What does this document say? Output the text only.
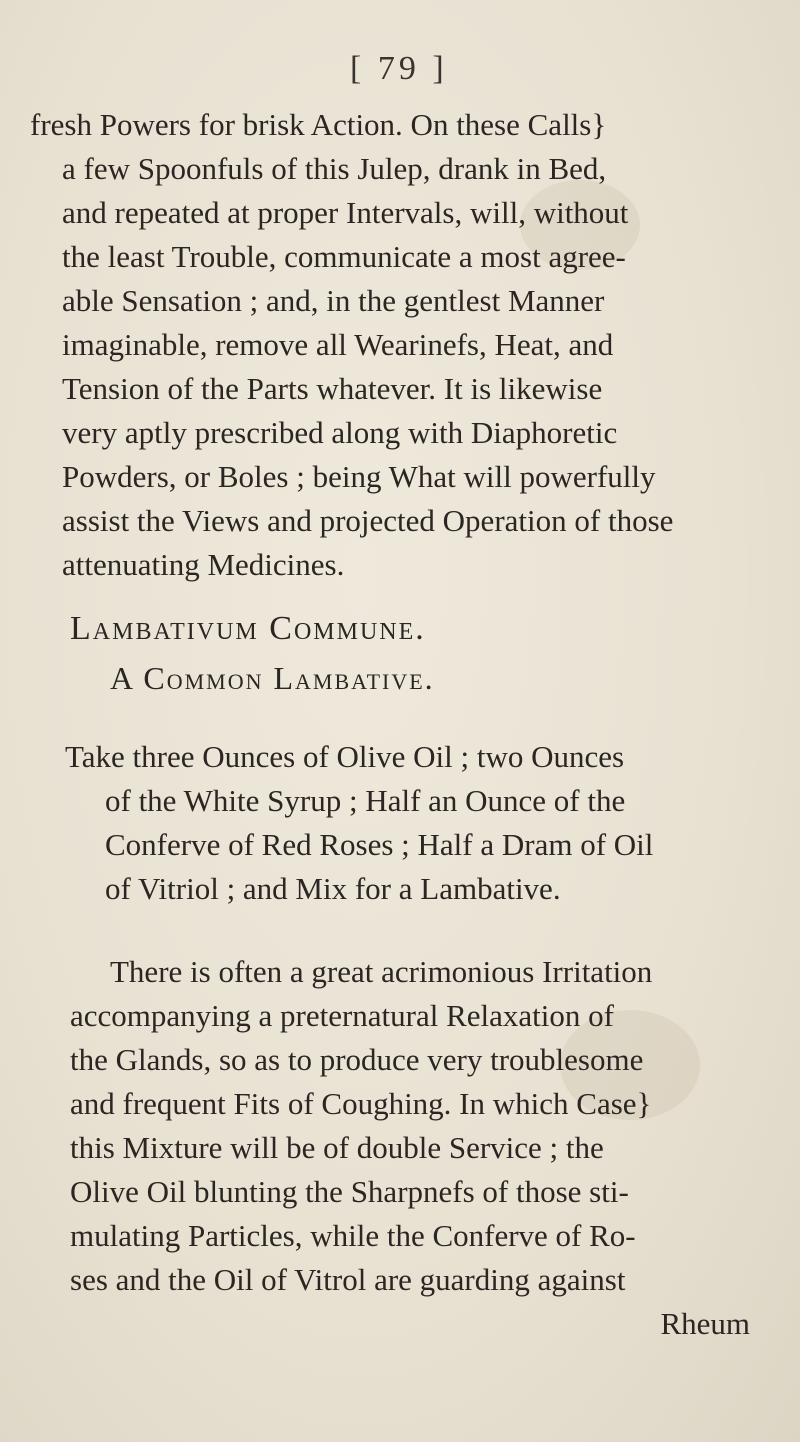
[ 79 ]
fresh Powers for brisk Action. On these Calls}
a few Spoonfuls of this Julep, drank in Bed,
and repeated at proper Intervals, will, without
the least Trouble, communicate a most agree-
able Sensation ; and, in the gentlest Manner
imaginable, remove all Wearinefs, Heat, and
Tension of the Parts whatever. It is likewise
very aptly prescribed along with Diaphoretic
Powders, or Boles ; being What will powerfully
assist the Views and projected Operation of those
attenuating Medicines.
Lambativum Commune.
A Common Lambative.
Take three Ounces of Olive Oil ; two Ounces
of the White Syrup ; Half an Ounce of the
Conferve of Red Roses ; Half a Dram of Oil
of Vitriol ; and Mix for a Lambative.
There is often a great acrimonious Irritation
accompanying a preternatural Relaxation of
the Glands, so as to produce very troublesome
and frequent Fits of Coughing. In which Case}
this Mixture will be of double Service ; the
Olive Oil blunting the Sharpnefs of those sti-
mulating Particles, while the Conferve of Ro-
ses and the Oil of Vitrol are guarding against
Rheum
